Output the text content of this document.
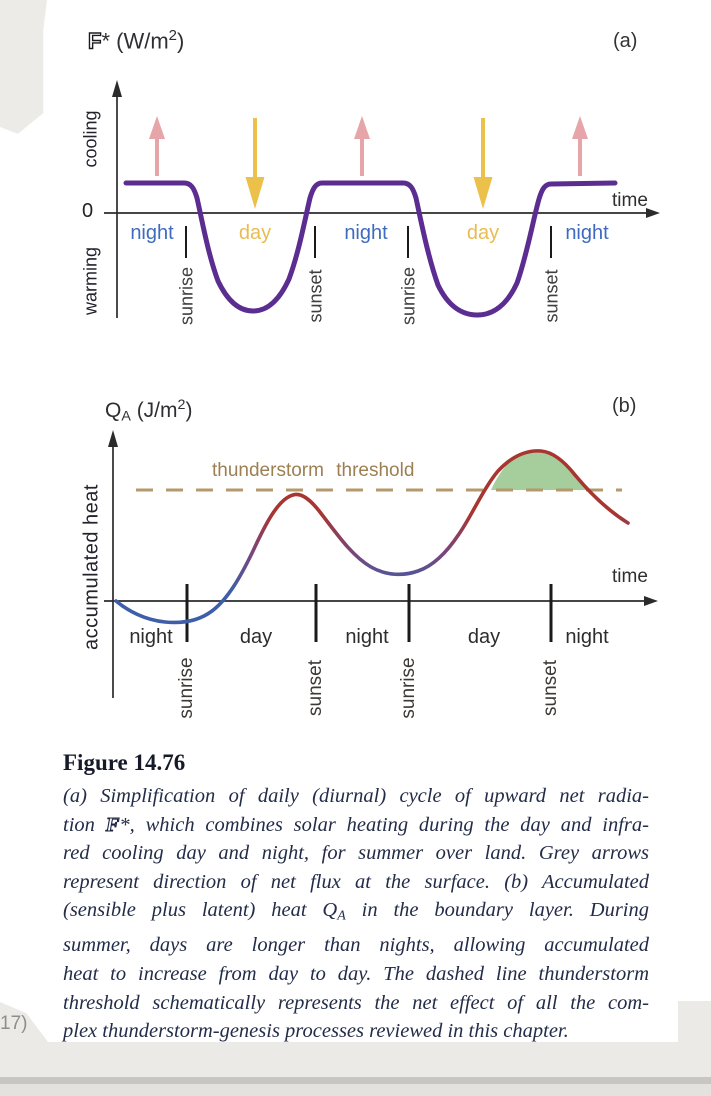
17)
F* $(W/m^2)$	(a)
cooling
0
warming
time
night	day	night	day	night
sunrise	sunset	sunrise	sunset
QA $(J/m^2)$	(b)
accumulated heat
thunderstorm threshold
time
night	day	night	day	night
sunrise	sunset	sunrise	sunset
Figure 14.76
(a) Simplification of daily (diurnal) cycle of upward net radia-
tion F*, which combines solar heating during the day and infra-
red cooling day and night, for summer over land. Grey arrows
represent direction of net flux at the surface. (b) Accumulated
(sensible plus latent) heat QA in the boundary layer. During
summer, days are longer than nights, allowing accumulated
heat to increase from day to day. The dashed line thunderstorm
threshold schematically represents the net effect of all the com-
plex thunderstorm-genesis processes reviewed in this chapter.
